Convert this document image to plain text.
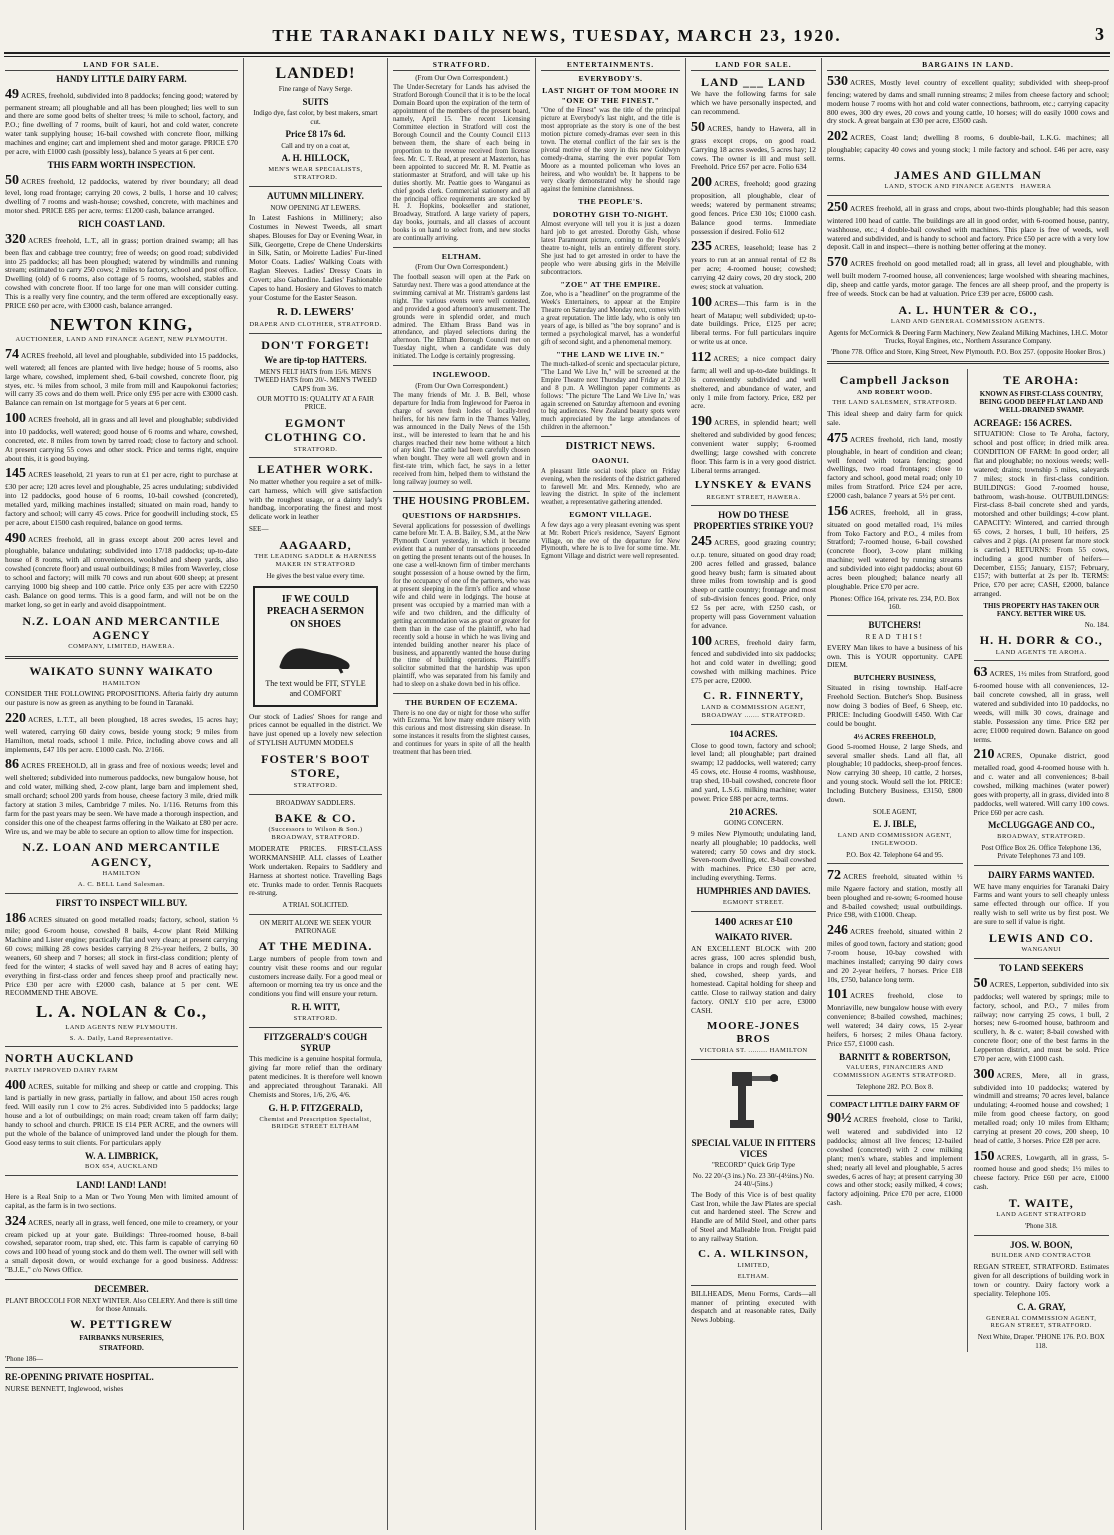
THE TARANAKI DAILY NEWS, TUESDAY, MARCH 23, 1920.	3
LAND FOR SALE.
HANDY LITTLE DAIRY FARM.
49 ACRES, freehold, subdivided into 8 paddocks; fencing good; watered by permanent stream; all ploughable and all has been ploughed; lies well to sun and there are some good belts of shelter trees; ¼ mile to school, factory, and P.O.; fine dwelling of 7 rooms, built of kauri, hot and cold water, concrete water tank supplying house; 16-bail cowshed with concrete floor, milking machines and engine; cart and implement shed and motor garage. PRICE £70 per acre, with £1000 cash (possibly less), balance 5 years at 6 per cent.
THIS FARM WORTH INSPECTION.
50 ACRES freehold, 12 paddocks, watered by river boundary; all dead level, long road frontage; carrying 20 cows, 2 bulls, 1 horse and 10 calves; dwelling of 7 rooms and wash-house; cowshed, concrete, with machines and motor shed. PRICE £85 per acre, terms: £1200 cash, balance arranged.
RICH COAST LAND.
320 ACRES freehold, L.T., all in grass; portion drained swamp; all has been flax and cabbage tree country; free of weeds; on good road; subdivided into 25 paddocks; all has been ploughed; watered by windmills and running stream; estimated to carry 250 cows; 2 miles to factory, school and post office. Dwelling (old) of 6 rooms, also cottage of 5 rooms, woolshed, stables and cowshed with concrete floor. If too large for one man will consider cutting. This is a really very fine country, and the term offered are exceptionally easy. PRICE £60 per acre, with £3000 cash, balance arranged.
NEWTON KING,
AUCTIONEER, LAND AND FINANCE AGENT, NEW PLYMOUTH.
74 ACRES freehold, all level and ploughable, subdivided into 15 paddocks, well watered; all fences are planted with live hedge; house of 5 rooms, also large whare, cowshed, implement shed, 6-bail cowshed, concrete floor, pig styes, etc. ¼ miles from school, 3 mile from mill and Kaupokonui factories; will carry 35 cows and do them well. Price only £95 per acre with £3000 cash. Balance can remain on 1st mortgage for 5 years at 6 per cent.
100 ACRES freehold, all in grass and all level and ploughable; subdivided into 10 paddocks, well watered; good house of 6 rooms and whare, cowshed, concreted, etc. 8 miles from town by tarred road; close to factory and school. At present carrying 55 cows and other stock. Price and terms right, enquire about this, it is good buying.
145 ACRES leasehold, 21 years to run at £1 per acre, right to purchase at £30 per acre; 120 acres level and ploughable, 25 acres undulating; subdivided into 12 paddocks, good house of 6 rooms, 10-bail cowshed (concreted), metalled yard, milking machines installed; situated on main road, handy to factory and school; will carry 45 cows. Price for goodwill including stock, £5 per acre, about £1500 cash required, balance on good terms.
490 ACRES freehold, all in grass except about 200 acres level and ploughable, balance undulating; subdivided into 17/18 paddocks; up-to-date house of 8 rooms, with all conveniences, woolshed and sheep yards, also cowshed (concrete floor) and usual outbuildings; 8 miles from Waverley, close to school and factory; will milk 70 cows and run about 600 sheep; at present carrying 1000 big sheep and 100 cattle. Price only £35 per acre with £2250 cash. Balance on good terms. This is a good farm, and will not be on the market long, so get in early and avoid disappointment.
N.Z. LOAN AND MERCANTILE AGENCY
COMPANY, LIMITED, HAWERA.
WAIKATO SUNNY WAIKATO
HAMILTON
CONSIDER THE FOLLOWING PROPOSITIONS. Afteria fairly dry autumn our pasture is now as green as anything to be found in Taranaki.
220 ACRES, L.T.T., all been ploughed, 18 acres swedes, 15 acres hay; well watered, carrying 60 dairy cows, beside young stock; 9 miles from Hamilton, metal roads, school 1 mile. Price, including above cows and all implements, £47 10s per acre. £1000 cash. No. 2/166.
86 ACRES FREEHOLD, all in grass and free of noxious weeds; level and well sheltered; subdivided into numerous paddocks, new bungalow house, hot and cold water, milking shed, 2-cow plant, large barn and implement shed, small orchard; school 200 yards from house, cheese factory 3 mile, dried milk factory at station 3 miles, Cambridge 7 miles. No. 1/116. Returns from this farm for the past years may be seen. We have made a thorough inspection, and consider this one of the cheapest farms offering in the Waikato at £80 per acre. Wire us, and we may be able to secure an option to allow time for inspection.
N.Z. LOAN AND MERCANTILE AGENCY,
HAMILTON
A. C. BELL Land Salesman.
FIRST TO INSPECT WILL BUY.
186 ACRES situated on good metalled roads; factory, school, station ½ mile; good 6-room house, cowshed 8 bails, 4-cow plant Reid Milking Machine and Lister engine; practically flat and very clean; at present carrying 60 cows; milking 28 cows besides carrying 8 2½-year heifers, 2 bulls, 30 weaners, 60 sheep and 7 horses; all stock in first-class condition; plenty of feed for the winter; 4 stacks of well saved hay and 8 acres of eating hay; everything in first-class order and fences sheep proof and practically new. Price £30 per acre with £2000 cash, balance at 5 per cent. WE RECOMMEND THE ABOVE.
L. A. NOLAN & Co.,
LAND AGENTS NEW PLYMOUTH.
S. A. Daily, Land Representative.
NORTH AUCKLAND
PARTLY IMPROVED DAIRY FARM
400 ACRES, suitable for milking and sheep or cattle and cropping. This land is partially in new grass, partially in fallow, and about 150 acres rough feed. Will easily run 1 cow to 2½ acres. Subdivided into 5 paddocks; large house and a lot of outbuildings; on main road; cream taken off farm daily; handy to school and church. PRICE IS £14 PER ACRE, and the owners will put the whole of the balance of unimproved land under the plough for them. Good easy terms to suit clients. For particulars apply
W. A. LIMBRICK,
BOX 654, AUCKLAND
LAND! LAND! LAND!
Here is a Real Snip to a Man or Two Young Men with limited amount of capital, as the farm is in two sections.
324 ACRES, nearly all in grass, well fenced, one mile to creamery, or your cream picked up at your gate. Buildings: Three-roomed house, 8-bail cowshed, separator room, trap shed, etc. This farm is capable of carrying 60 cows and 100 head of young stock and do them well. The owner will sell with a small deposit down, or would exchange for a good business. Address: "B.J.E.," c/o News Office.
DECEMBER.
PLANT BROCCOLI FOR NEXT WINTER. Also CELERY. And there is still time for those Annuals.
W. PETTIGREW
FAIRBANKS NURSERIES,
STRATFORD.
'Phone 186—
RE-OPENING PRIVATE HOSPITAL.
NURSE BENNETT, Inglewood, wishes
LANDED!
Fine range of Navy Serge.
SUITS
Indigo dye, fast color, by best makers, smart cut.
Price £8 17s 6d.
Call and try on a coat at,
A. H. HILLOCK,
MEN'S WEAR SPECIALISTS, STRATFORD.
AUTUMN MILLINERY.
NOW OPENING AT LEWERS.
In Latest Fashions in Millinery; also Costumes in Newest Tweeds, all smart shapes. Blouses for Day or Evening Wear, in Silk, Georgette, Crepe de Chene Underskirts in Silk, Satin, or Moirette Ladies' Fur-lined Motor Coats. Ladies' Walking Coats with Raglan Sleeves. Ladies' Dressy Coats in Covert; also Gabardine. Ladies' Fashionable Capes to hand. Hosiery and Gloves to match your Costume for the Easter Season.
R. D. LEWERS'
DRAPER AND CLOTHIER, STRATFORD.
DON'T FORGET!
We are tip-top HATTERS.
MEN'S FELT HATS from 15/6. MEN'S TWEED HATS from 20/-. MEN'S TWEED CAPS from 3/6.
OUR MOTTO IS: QUALITY AT A FAIR PRICE.
EGMONT CLOTHING CO.
STRATFORD.
LEATHER WORK.
No matter whether you require a set of milk-cart harness, which will give satisfaction with the roughest usage, or a dainty lady's handbag, incorporating the finest and most delicate work in leather
SEE—
AAGAARD,
THE LEADING SADDLE & HARNESS MAKER IN STRATFORD
He gives the best value every time.
IF WE COULD PREACH A SERMON ON SHOES
The text would be FIT, STYLE and COMFORT
Our stock of Ladies' Shoes for range and prices cannot be equalled in the district. We have just opened up a lovely new selection of STYLISH AUTUMN MODELS
FOSTER'S BOOT STORE,
STRATFORD.
BROADWAY SADDLERS.
BAKE & CO.
(Successors to Wilson & Son.) BROADWAY, STRATFORD.
MODERATE PRICES. FIRST-CLASS WORKMANSHIP. ALL classes of Leather Work undertaken. Repairs to Saddlery and Harness at shortest notice. Travelling Bags etc. Trunks made to order. Tennis Racquets re-strung.
A TRIAL SOLICITED.
ON MERIT ALONE WE SEEK YOUR PATRONAGE
AT THE MEDINA.
Large numbers of people from town and country visit these rooms and our regular customers increase daily. For a good meal or afternoon or morning tea try us once and the conditions you find will ensure your return.
R. H. WITT,
STRATFORD.
FITZGERALD'S COUGH SYRUP
This medicine is a genuine hospital formula, giving far more relief than the ordinary patent medicines. It is therefore well known and appreciated throughout Taranaki. All Chemists and Stores, 1/6, 2/6, 4/6.
G. H. P. FITZGERALD,
Chemist and Prescription Specialist, BRIDGE STREET ELTHAM
STRATFORD.
(From Our Own Correspondent.)
The Under-Secretary for Lands has advised the Stratford Borough Council that it is to be the local Domain Board upon the expiration of the term of appointment of the members of the present board, namely, April 15. The recent Licensing Committee election in Stratford will cost the Borough Council and the County Council £113 between them, the share of each being in proportion to the revenue received from license fees. Mr. C. T. Read, at present at Masterton, has been appointed to succeed Mr. R. M. Peattie as stationmaster at Stratford, and will take up his duties shortly. Mr. Peattie goes to Wanganui as chief goods clerk. Commercial stationery and all the principal office requirements are stocked by H. J. Hopkins, bookseller and stationer, Broadway, Stratford. A large variety of papers, day books, journals, and all classes of account books is on hand to select from, and new stocks are continually arriving.
ELTHAM.
(From Our Own Correspondent.)
The football season will open at the Park on Saturday next. There was a good attendance at the swimming carnival at Mr. Tristram's gardens last night. The various events were well contested, and provided a good afternoon's amusement. The grounds were in splendid order, and much admired. The Eltham Brass Band was in attendance, and played selections during the afternoon. The Eltham Borough Council met on Tuesday night, when a candidate was duly initiated. The Lodge is certainly progressing.
INGLEWOOD.
(From Our Own Correspondent.)
The many friends of Mr. J. B. Bell, whose departure for India from Inglewood for Paeroa in charge of seven fresh lodes of locally-bred heifers, for his new farm in the Thames Valley, was announced in the Daily News of the 15th inst., will be interested to learn that he and his charges reached their new home without a hitch of any kind. The cattle had been carefully chosen when bought. They were all well grown and in first-rate trim, which fact, he says in a letter received from him, helped them to withstand the long railway journey so well.
THE HOUSING PROBLEM.
QUESTIONS OF HARDSHIPS.
Several applications for possession of dwellings came before Mr. T. A. B. Bailey, S.M., at the New Plymouth Court yesterday, in which it became evident that a number of transactions proceeded on getting the present tenants out of the houses. In one case a well-known firm of timber merchants sought possession of a house owned by the firm, for the occupancy of one of the partners, who was at present sleeping in the firm's office and whose wife and child were in lodgings. The house at present was occupied by a married man with a wife and two children, and the difficulty of getting accommodation was as great or greater for them than in the case of the plaintiff, who had recently sold a house in which he was living and intended building another nearer his place of business, and apparently wanted the house during the time of building operations. Plaintiff's solicitor submitted that the hardship was upon plaintiff, who was separated from his family and had to sleep on a shake down bed in his office.
THE BURDEN OF ECZEMA.
There is no one day or night for those who suffer with Eczema. Yet how many endure misery with this curious and most distressing skin disease. In some instances it results from the slightest causes, and continues for years in spite of all the health treatment that has been tried.
ENTERTAINMENTS.
EVERYBODY'S.
LAST NIGHT OF TOM MOORE IN "ONE OF THE FINEST."
"One of the Finest" was the title of the principal picture at Everybody's last night, and the title is most appropriate as the story is one of the best motion picture comedy-dramas ever seen in this town. The eternal conflict of the fair sex is the pivotal motive of the story in this new Goldwyn comedy-drama, starring the ever popular Tom Moore as a mounted policeman who loves an heiress, and who wouldn't be. It happens to be very clearly demonstrated why he should rage against the feminine clannishness.
THE PEOPLE'S.
DOROTHY GISH TO-NIGHT.
Almost everyone will tell you it is just a dozen hard job to get arrested. Dorothy Gish, whose latest Paramount picture, coming to the People's theatre to-night, tells an entirely different story. She just had to get arrested in order to have the people who were abusing girls in the Melville subcontractors.
"ZOE" AT THE EMPIRE.
Zoe, who is a "headliner" on the programme of the Week's Entertainers, to appear at the Empire Theatre on Saturday and Monday next, comes with a great reputation. The little lady, who is only ten years of age, is billed as "the boy soprano" and is termed a psychological marvel, has a wonderful gift of second sight, and a phenomenal memory.
"THE LAND WE LIVE IN."
The much-talked-of scenic and spectacular picture, "The Land We Live In," will be screened at the Empire Theatre next Thursday and Friday at 2.30 and 8 p.m. A Wellington paper comments as follows: "The picture 'The Land We Live In,' was again screened on Saturday afternoon and evening to big audiences. New Zealand beauty spots were much appreciated by the large attendances of children in the afternoon."
DISTRICT NEWS.
OAONUI.
A pleasant little social took place on Friday evening, when the residents of the district gathered to farewell Mr. and Mrs. Kennedy, who are leaving the district. In spite of the inclement weather, a representative gathering attended.
EGMONT VILLAGE.
A few days ago a very pleasant evening was spent at Mr. Robert Price's residence, 'Sayers' Egmont Village, on the eve of the departure for New Plymouth, where he is to live for some time. Mr. Egmont Village and district were well represented.
LAND FOR SALE.
LAND ___ LAND
We have the following farms for sale which we have personally inspected, and can recommend.
50 ACRES, handy to Hawera, all in grass except crops, on good road. Carrying 18 acres swedes, 5 acres hay; 12 cows. The owner is ill and must sell. Freehold. Price £67 per acre. Folio 634
200 ACRES, freehold; good grazing proposition, all ploughable, clear of weeds; watered by permanent streams; good fences. Price £30 10s; £1000 cash. Balance good terms. Immediate possession if desired. Folio 612
235 ACRES, leasehold; lease has 2 years to run at an annual rental of £2 8s per acre; 4-roomed house; cowshed; carrying 42 dairy cows, 20 dry stock, 200 ewes; stock at valuation.
100 ACRES—This farm is in the heart of Matapu; well subdivided; up-to-date buildings. Price, £125 per acre; liberal terms. For full particulars inquire or write us at once.
112 ACRES; a nice compact dairy farm; all well and up-to-date buildings. It is conveniently subdivided and well sheltered, and abundance of water, and only 1 mile from factory. Price, £82 per acre.
190 ACRES, in splendid heart; well sheltered and subdivided by good fences; convenient water supply; 6-roomed dwelling; large cowshed with concrete floor. This farm is in a very good district. Liberal terms arranged.
LYNSKEY & EVANS
REGENT STREET, HAWERA.
HOW DO THESE PROPERTIES STRIKE YOU?
245 ACRES, good grazing country; o.r.p. tenure, situated on good dray road; 200 acres felled and grassed, balance good heavy bush; farm is situated about three miles from township and is good sheep or cattle country; frontage and most of sub-division fences good. Price, only £2 5s per acre, with £250 cash, or property will pass Government valuation for advance.
100 ACRES, freehold dairy farm, fenced and subdivided into six paddocks; hot and cold water in dwelling; good cowshed with milking machines. Price £75 per acre, £2000.
C. R. FINNERTY,
LAND & COMMISSION AGENT, BROADWAY ....... STRATFORD.
104 ACRES.
Close to good town, factory and school; level land; all ploughable; part drained swamp; 12 paddocks, well watered; carry 45 cows, etc. House 4 rooms, washhouse, trap shed, 10-bail cowshed, concrete floor and yard, L.S.G. milking machine; water power. Price £88 per acre, terms.
210 ACRES.
GOING CONCERN.
9 miles New Plymouth; undulating land, nearly all ploughable; 10 paddocks, well watered; carry 50 cows and dry stock. Seven-room dwelling, etc. 8-bail cowshed with machines. Price £30 per acre, including everything. Terms.
HUMPHRIES AND DAVIES.
EGMONT STREET.
1400 ACRES AT £10
WAIKATO RIVER.
AN EXCELLENT BLOCK with 200 acres grass, 100 acres splendid bush, balance in crops and rough feed. Wool shed, cowshed, sheep yards, and homestead. Capital holding for sheep and cattle. Close to railway station and dairy factory. ONLY £10 per acre, £3000 CASH.
MOORE-JONES BROS
VICTORIA ST. ......... HAMILTON
SPECIAL VALUE IN FITTERS VICES
"RECORD" Quick Grip Type
No. 22 20/-(3 ins.) No. 23 30/-(4½ins.) No. 24 40/-(5ins.)
The Body of this Vice is of best quality Cast Iron, while the Jaw Plates are special cut and hardened steel. The Screw and Handle are of Mild Steel, and other parts of Steel and Malleable Iron. Freight paid to any railway Station.
C. A. WILKINSON,
LIMITED,
ELTHAM.
BILLHEADS, Menu Forms, Cards—all manner of printing executed with despatch and at reasonable rates, Daily News Jobbing.
BARGAINS IN LAND.
530 ACRES, Mostly level country of excellent quality; subdivided with sheep-proof fencing; watered by dams and small running streams; 2 miles from cheese factory and school; modern house 7 rooms with hot and cold water connections, bathroom, etc.; carrying capacity 800 ewes, 300 dry ewes, 20 cows and young cattle, 10 horses; will do easily 1000 cows and dry stock. A great bargain at £30 per acre, £3500 cash.
202 ACRES, Coast land; dwelling 8 rooms, 6 double-bail, L.K.G. machines; all ploughable; capacity 40 cows and young stock; 1 mile factory and school. £46 per acre, easy terms.
JAMES AND GILLMAN
LAND, STOCK AND FINANCE AGENTS HAWERA
250 ACRES freehold, all in grass and crops, about two-thirds ploughable; had this season wintered 100 head of cattle. The buildings are all in good order, with 6-roomed house, pantry, washhouse, etc.; 4 double-bail cowshed with machines. This place is free of weeds, well watered and subdivided, and is handy to school and factory. Price £50 per acre with a very low deposit. Call in and inspect—there is nothing better offering at the money.
570 ACRES freehold on good metalled road; all in grass, all level and ploughable, with well built modern 7-roomed house, all conveniences; large woolshed with shearing machines, dip, sheep and cattle yards, motor garage. The fences are all sheep proof, and the property is free of weeds. Stock can be had at valuation. Price £39 per acre, £6000 cash.
A. L. HUNTER & CO.,
LAND AND GENERAL COMMISSION AGENTS.
Agents for McCormick & Deering Farm Machinery, New Zealand Milking Machines, I.H.C. Motor Trucks, Royal Engines, etc., Northern Assurance Company.
'Phone 778. Office and Store, King Street, New Plymouth. P.O. Box 257. (opposite Hooker Bros.)
Campbell Jackson
AND ROBERT WOOD.
THE LAND SALESMEN, STRATFORD.
This ideal sheep and dairy farm for quick sale.
475 ACRES freehold, rich land, mostly ploughable, in heart of condition and clean; well fenced with totara fencing; good dwellings, two road frontages; close to factory and school, good metal road; only 10 miles from Stratford. Price £24 per acre, £2000 cash, balance 7 years at 5½ per cent.
156 ACRES, freehold, all in grass, situated on good metalled road, 1¼ miles from Toko Factory and P.O., 4 miles from Stratford; 7-roomed house, 6-bail cowshed (concrete floor), 3-cow plant milking machine; well watered by running streams and subdivided into eight paddocks; about 60 acres been ploughed; balance nearly all ploughable. Price £70 per acre.
Phones: Office 164, private res. 234, P.O. Box 160.
BUTCHERS!
READ THIS!
EVERY Man likes to have a business of his own. This is YOUR opportunity. CAPE DIEM.
BUTCHERY BUSINESS,
Situated in rising township. Half-acre Freehold Section. Butcher's Shop. Business now doing 3 bodies of Beef, 6 Sheep, etc. PRICE: Including Goodwill £450. With Car could be bought.
4½ ACRES FREEHOLD,
Good 5-roomed House, 2 large Sheds, and several smaller sheds. Land all flat, all ploughable; 10 paddocks, sheep-proof fences. Now carrying 30 sheep, 10 cattle, 2 horses, and young stock. Would sell the lot. PRICE: Including Butchery Business, £3150, £800 down.
SOLE AGENT,
E. J. IBLE,
LAND AND COMMISSION AGENT, INGLEWOOD.
P.O. Box 42. Telephone 64 and 95.
72 ACRES freehold, situated within ½ mile Ngaere factory and station, mostly all been ploughed and re-sown; 6-roomed house and 8-bailed cowshed; usual outbuildings. Price £98, with £1000. Cheap.
246 ACRES freehold, situated within 2 miles of good town, factory and station; good 7-room house, 10-bay cowshed with machines installed; carrying 90 dairy cows and 20 2-year heifers, 7 horses. Price £18 10s, £750, balance long term.
101 ACRES freehold, close to Monriaville, new bungalow house with every convenience; 8-bailed cowshed, machines; well watered; 34 dairy cows, 15 2-year heifers, 6 horses; 2 miles Ohaua factory. Price £57, £1000 cash.
BARNITT & ROBERTSON,
VALUERS, FINANCIERS AND COMMISSION AGENTS STRATFORD.
Telephone 282. P.O. Box 8.
COMPACT LITTLE DAIRY FARM OF
90½ ACRES freehold, close to Tariki, well watered and subdivided into 12 paddocks; almost all live fences; 12-bailed cowshed (concreted) with 2 cow milking plant; men's whare, stables and implement shed; nearly all level and ploughable, 5 acres swedes, 6 acres of hay; at present carrying 30 cows and other stock; easily milked, 4 cows; factory adjoining. Price £70 per acre, £1000 cash.
TE AROHA:
KNOWN AS FIRST-CLASS COUNTRY, BEING GOOD DEEP FLAT LAND AND WELL-DRAINED SWAMP.
ACREAGE: 156 ACRES.
SITUATION: Close to Te Aroha, factory, school and post office; in dried milk area. CONDITION OF FARM: In good order; all flat and ploughable; no noxious weeds; well-watered; drains; township 5 miles, saleyards 7 miles; stock in first-class condition. BUILDINGS: Good 7-roomed house, bathroom, wash-house. OUTBUILDINGS: First-class 8-bail concrete shed and yards, motorshed and other buildings; 4-cow plant. CAPACITY: Wintered, and carried through 65 cows, 2 horses, 1 bull, 10 heifers, 25 calves and 2 pigs. (At present far more stock is carried.) RETURNS: From 55 cows, including a good number of heifers—December, £155; January, £157; February, £157; with butterfat at 2s per lb. TERMS: Price, £70 per acre; CASH, £2000, balance arranged.
THIS PROPERTY HAS TAKEN OUR FANCY. BETTER WIRE US.
No. 184.
H. H. DORR & CO.,
LAND AGENTS TE AROHA.
63 ACRES, 1½ miles from Stratford, good 6-roomed house with all conveniences, 12-bail concrete cowshed, all in grass, well watered and subdivided into 10 paddocks, no weeds, will milk 30 cows, drainage and stable. Possession any time. Price £82 per acre; £1000 required down. Balance on good terms.
210 ACRES, Opunake district, good metalled road, good 4-roomed house with h. and c. water and all conveniences; 8-bail cowshed, milking machines (water power) goes with property, all in grass, divided into 8 paddocks, well watered. Will carry 100 cows. Price £60 per acre cash.
McCLUGGAGE AND CO.,
BROADWAY, STRATFORD.
Post Office Box 26. Office Telephone 136, Private Telephones 73 and 109.
DAIRY FARMS WANTED.
WE have many enquiries for Taranaki Dairy Farms and want yours to sell cheaply unless same effected through our office. If you really wish to sell write us by first post. We are sure to sell if value is right.
LEWIS AND CO.
WANGANUI
TO LAND SEEKERS
50 ACRES, Lepperton, subdivided into six paddocks; well watered by springs; mile to factory, school, and P.O., 7 miles from railway; now carrying 25 cows, 1 bull, 2 horses; new 6-roomed house, bathroom and scullery, h. & c. water; 8-bail cowshed with concrete floor; one of the best farms in the Lepperton district, and must be sold. Price £70 per acre, with £1000 cash.
300 ACRES, Mere, all in grass, subdivided into 10 paddocks; watered by windmill and streams; 70 acres level, balance undulating; 4-roomed house and cowshed; 1 mile from good cheese factory, on good metalled road; only 10 miles from Eltham; carrying at present 20 cows, 200 sheep, 10 head of cattle, 3 horses. Price £28 per acre.
150 ACRES, Lowgarth, all in grass, 5-roomed house and good sheds; 1½ miles to cheese factory. Price £60 per acre, £1000 cash.
T. WAITE,
LAND AGENT STRATFORD
'Phone 318.
JOS. W. BOON,
BUILDER AND CONTRACTOR
REGAN STREET, STRATFORD. Estimates given for all descriptions of building work in town or country. Dairy factory work a speciality. Telephone 105.
C. A. GRAY,
GENERAL COMMISSION AGENT, REGAN STREET, STRATFORD.
Next White, Draper. 'PHONE 176. P.O. BOX 118.
